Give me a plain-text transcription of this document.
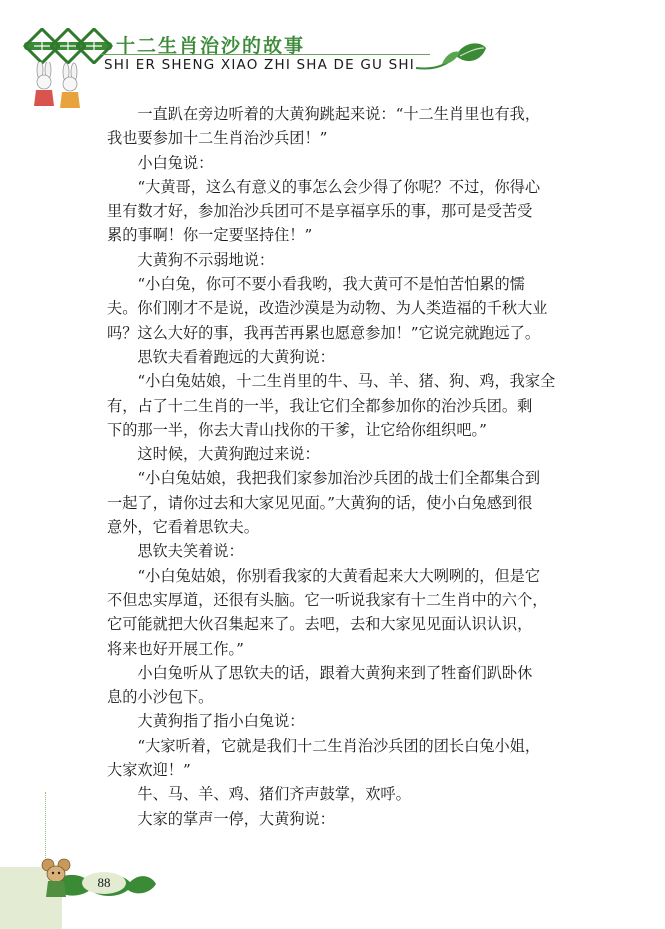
十二生肖治沙的故事
SHI ER SHENG XIAO ZHI SHA DE GU SHI
　　一直趴在旁边听着的大黄狗跳起来说：“十二生肖里也有我，
我也要参加十二生肖治沙兵团！”
　　小白兔说：
　　“大黄哥，这么有意义的事怎么会少得了你呢？不过，你得心
里有数才好，参加治沙兵团可不是享福享乐的事，那可是受苦受
累的事啊！你一定要坚持住！”
　　大黄狗不示弱地说：
　　“小白兔，你可不要小看我哟，我大黄可不是怕苦怕累的懦
夫。你们刚才不是说，改造沙漠是为动物、为人类造福的千秋大业
吗？这么大好的事，我再苦再累也愿意参加！”它说完就跑远了。
　　思钦夫看着跑远的大黄狗说：
　　“小白兔姑娘，十二生肖里的牛、马、羊、猪、狗、鸡，我家全
有，占了十二生肖的一半，我让它们全都参加你的治沙兵团。剩
下的那一半，你去大青山找你的干爹，让它给你组织吧。”
　　这时候，大黄狗跑过来说：
　　“小白兔姑娘，我把我们家参加治沙兵团的战士们全都集合到
一起了，请你过去和大家见见面。”大黄狗的话，使小白兔感到很
意外，它看着思钦夫。
　　思钦夫笑着说：
　　“小白兔姑娘，你别看我家的大黄看起来大大咧咧的，但是它
不但忠实厚道，还很有头脑。它一听说我家有十二生肖中的六个，
它可能就把大伙召集起来了。去吧，去和大家见见面认识认识，
将来也好开展工作。”
　　小白兔听从了思钦夫的话，跟着大黄狗来到了牲畜们趴卧休
息的小沙包下。
　　大黄狗指了指小白兔说：
　　“大家听着，它就是我们十二生肖治沙兵团的团长白兔小姐，
大家欢迎！”
　　牛、马、羊、鸡、猪们齐声鼓掌，欢呼。
　　大家的掌声一停，大黄狗说：
88
